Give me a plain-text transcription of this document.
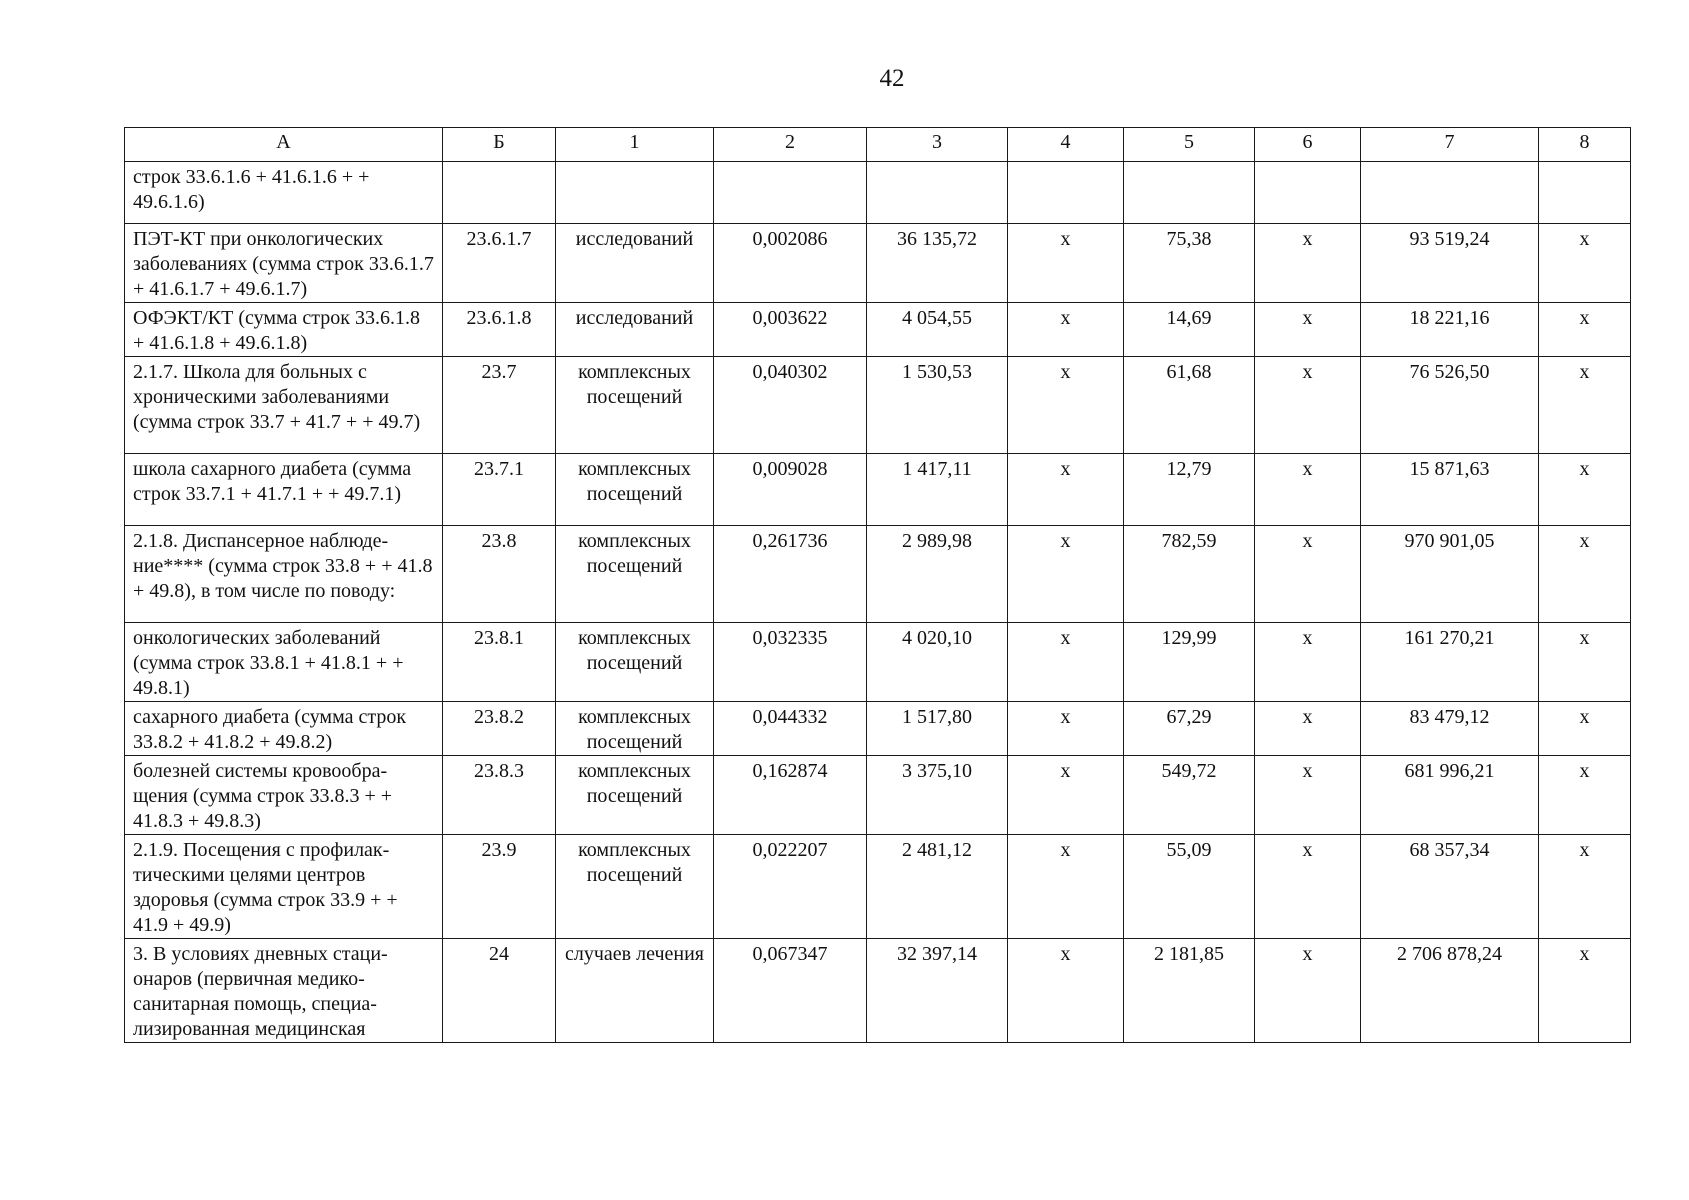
42
А	Б	1	2	3	4	5	6	7	8
строк 33.6.1.6 + 41.6.1.6 + + 49.6.1.6)									
ПЭТ-КТ при онкологических заболеваниях (сумма строк 33.6.1.7 + 41.6.1.7 + 49.6.1.7)	23.6.1.7	исследований	0,002086	36 135,72	х	75,38	х	93 519,24	х
ОФЭКТ/КТ (сумма строк 33.6.1.8 + 41.6.1.8 + 49.6.1.8)	23.6.1.8	исследований	0,003622	4 054,55	х	14,69	х	18 221,16	х
2.1.7. Школа для больных с хроническими заболеваниями (сумма строк 33.7 + 41.7 + + 49.7)	23.7	комплексных посещений	0,040302	1 530,53	х	61,68	х	76 526,50	х
школа сахарного диабета (сумма строк 33.7.1 + 41.7.1 + + 49.7.1)	23.7.1	комплексных посещений	0,009028	1 417,11	х	12,79	х	15 871,63	х
2.1.8. Диспансерное наблюде-ние**** (сумма строк 33.8 + + 41.8 + 49.8), в том числе по поводу:	23.8	комплексных посещений	0,261736	2 989,98	х	782,59	х	970 901,05	х
онкологических заболеваний (сумма строк 33.8.1 + 41.8.1 + + 49.8.1)	23.8.1	комплексных посещений	0,032335	4 020,10	х	129,99	х	161 270,21	х
сахарного диабета (сумма строк 33.8.2 + 41.8.2 + 49.8.2)	23.8.2	комплексных посещений	0,044332	1 517,80	х	67,29	х	83 479,12	х
болезней системы кровообра-щения (сумма строк 33.8.3 + + 41.8.3 + 49.8.3)	23.8.3	комплексных посещений	0,162874	3 375,10	х	549,72	х	681 996,21	х
2.1.9. Посещения с профилак-тическими целями центров здоровья (сумма строк 33.9 + + 41.9 + 49.9)	23.9	комплексных посещений	0,022207	2 481,12	х	55,09	х	68 357,34	х
3. В условиях дневных стаци-онаров (первичная медико-санитарная помощь, специа-лизированная медицинская	24	случаев лечения	0,067347	32 397,14	х	2 181,85	х	2 706 878,24	х
